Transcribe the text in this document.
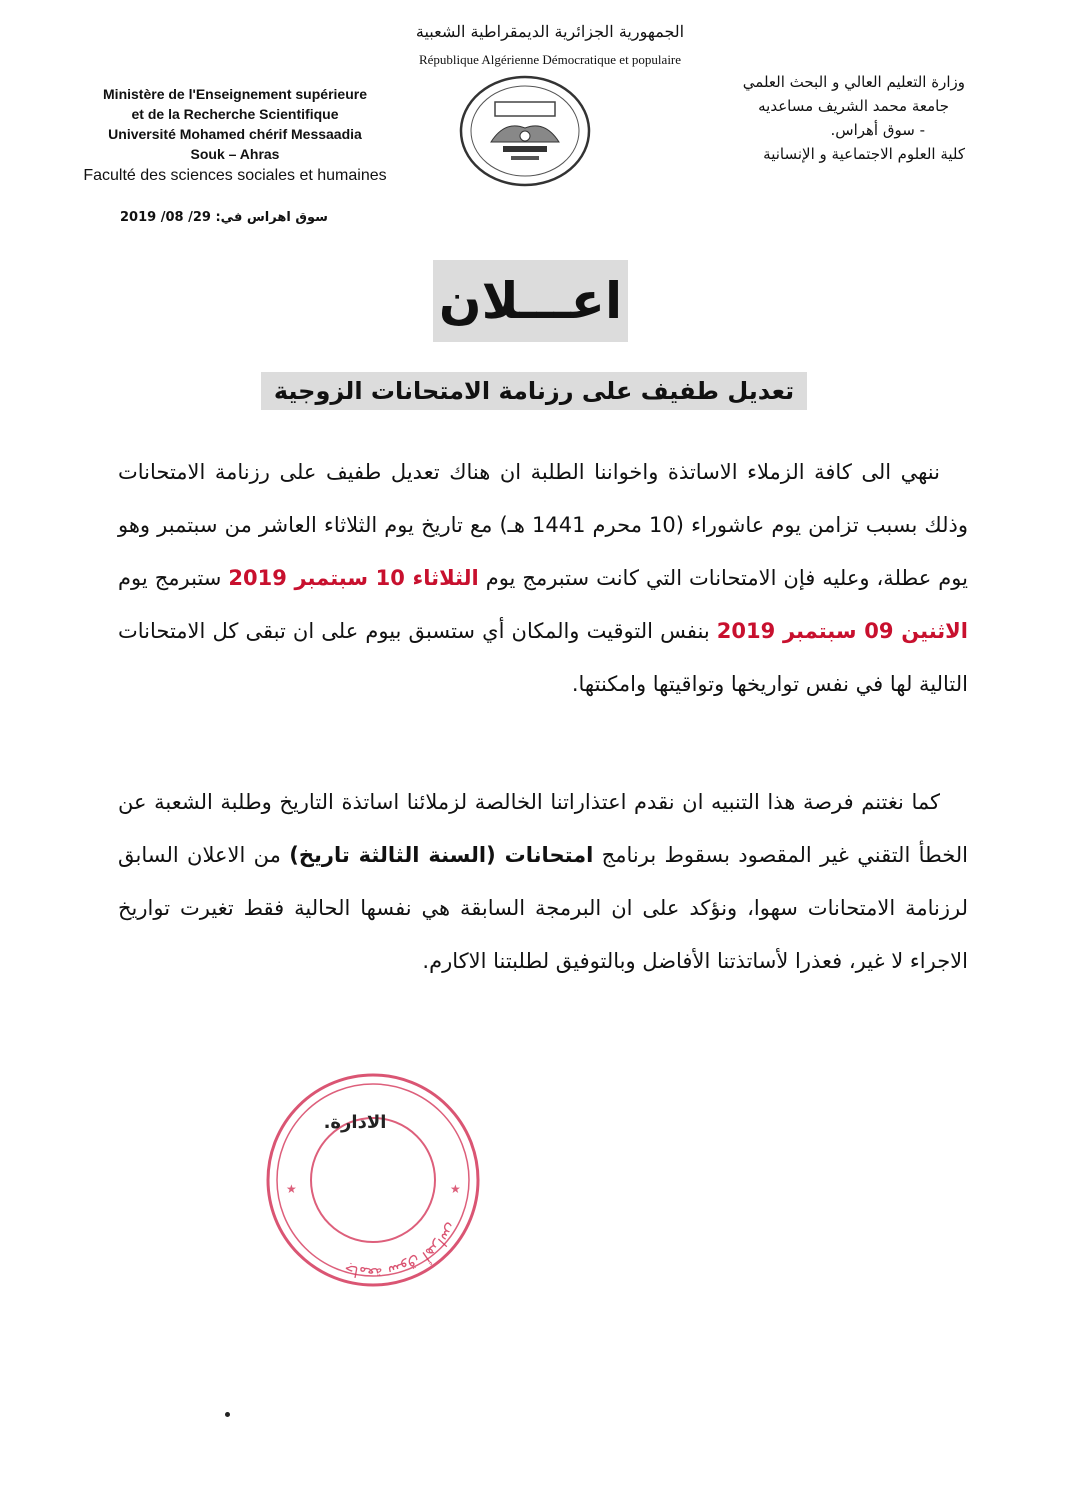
الجمهورية الجزائرية الديمقراطية الشعبية
République Algérienne Démocratique et populaire
Ministère de l'Enseignement supérieure
et de la Recherche Scientifique
Université Mohamed chérif Messaadia
Souk – Ahras
Faculté des sciences sociales et humaines
وزارة التعليم العالي و البحث العلمي
جامعة محمد الشريف مساعديه
- سوق أهراس.
كلية العلوم الاجتماعية و الإنسانية
سوق اهراس في: 29/ 08/ 2019
اعـــلان
تعديل طفيف على رزنامة الامتحانات الزوجية
ننهي الى كافة الزملاء الاساتذة واخواننا الطلبة ان هناك تعديل طفيف على رزنامة الامتحانات وذلك بسبب تزامن يوم عاشوراء (10 محرم 1441 هـ) مع تاريخ يوم الثلاثاء العاشر من سبتمبر وهو يوم عطلة، وعليه فإن الامتحانات التي كانت ستبرمج يوم الثلاثاء 10 سبتمبر 2019 ستبرمج يوم الاثنين 09 سبتمبر 2019 بنفس التوقيت والمكان أي ستسبق بيوم على ان تبقى كل الامتحانات التالية لها في نفس تواريخها وتواقيتها وامكنتها.
كما نغتنم فرصة هذا التنبيه ان نقدم اعتذاراتنا الخالصة لزملائنا اساتذة التاريخ وطلبة الشعبة عن الخطأ التقني غير المقصود بسقوط برنامج امتحانات (السنة الثالثة تاريخ) من الاعلان السابق لرزنامة الامتحانات سهوا، ونؤكد على ان البرمجة السابقة هي نفسها الحالية فقط تغيرت تواريخ الاجراء لا غير، فعذرا لأساتذتنا الأفاضل وبالتوفيق لطلبتنا الاكارم.
جامعة سوق أهراس
★	★
الادارة.
